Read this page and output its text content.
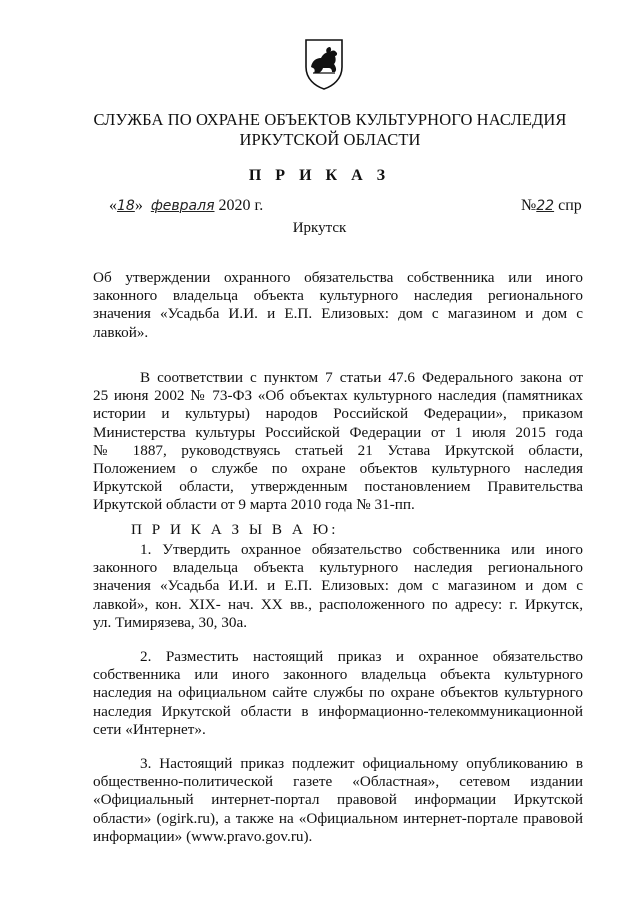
СЛУЖБА ПО ОХРАНЕ ОБЪЕКТОВ КУЛЬТУРНОГО НАСЛЕДИЯ
ИРКУТСКОЙ ОБЛАСТИ
П Р И К А З
«18» февраля 2020 г.	№22 спр
Иркутск
Об утверждении охранного обязательства собственника или иного
законного владельца объекта культурного наследия регионального
значения «Усадьба И.И. и Е.П. Елизовых: дом с магазином и дом с
лавкой».
В соответствии с пунктом 7 статьи 47.6 Федерального закона от
25 июня 2002 № 73-ФЗ «Об объектах культурного наследия (памятниках
истории и культуры) народов Российской Федерации», приказом
Министерства культуры Российской Федерации от 1 июля 2015 года
№ 1887, руководствуясь статьей 21 Устава Иркутской области,
Положением о службе по охране объектов культурного наследия
Иркутской области, утвержденным постановлением Правительства
Иркутской области от 9 марта 2010 года № 31-пп.
П Р И К А З Ы В А Ю:
1. Утвердить охранное обязательство собственника или иного
законного владельца объекта культурного наследия регионального
значения «Усадьба И.И. и Е.П. Елизовых: дом с магазином и дом с
лавкой», кон. XIX- нач. XX вв., расположенного по адресу: г. Иркутск,
ул. Тимирязева, 30, 30а.
2. Разместить настоящий приказ и охранное обязательство
собственника или иного законного владельца объекта культурного
наследия на официальном сайте службы по охране объектов культурного
наследия Иркутской области в информационно-телекоммуникационной
сети «Интернет».
3. Настоящий приказ подлежит официальному опубликованию в
общественно-политической газете «Областная», сетевом издании
«Официальный интернет-портал правовой информации Иркутской
области» (ogirk.ru), а также на «Официальном интернет-портале правовой
информации» (www.pravo.gov.ru).
